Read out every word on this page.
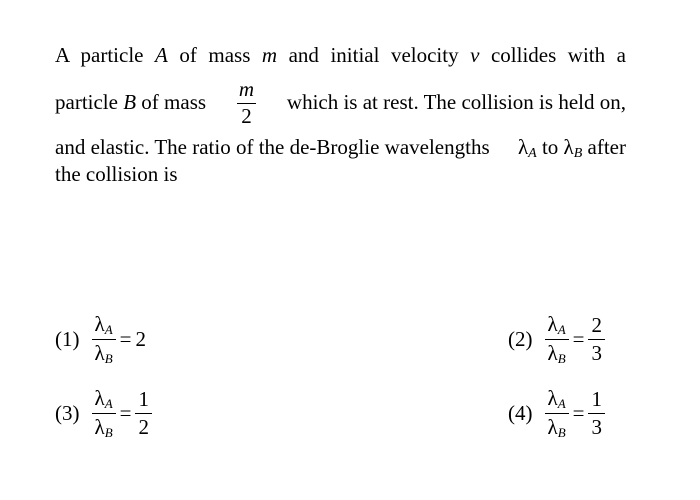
A particle A of mass m and initial velocity v collides with a
particle B of mass $\frac{m}{2}$ which is at rest. The collision is held on,
and elastic. The ratio of the de-Broglie wavelengths $\lambda_A$ to $\lambda_B$ after
the collision is
$(1) \frac{\lambda_A}{\lambda_B} = 2$	$(2) \frac{\lambda_A}{\lambda_B} = \frac{2}{3}$
$(3) \frac{\lambda_A}{\lambda_B} = \frac{1}{2}$	$(4) \frac{\lambda_A}{\lambda_B} = \frac{1}{3}$
